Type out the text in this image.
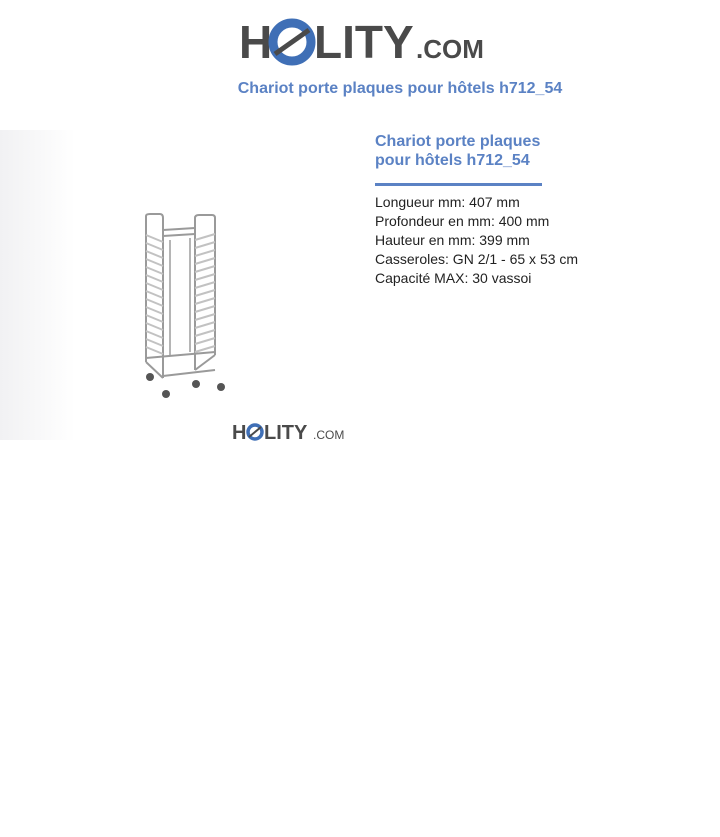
H LITY .COM
Chariot porte plaques pour hôtels h712_54
H LITY .COM
Chariot porte plaques
pour hôtels h712_54
Longueur mm: 407 mm
Profondeur en mm: 400 mm
Hauteur en mm: 399 mm
Casseroles: GN 2/1 - 65 x 53 cm
Capacité MAX: 30 vassoi
